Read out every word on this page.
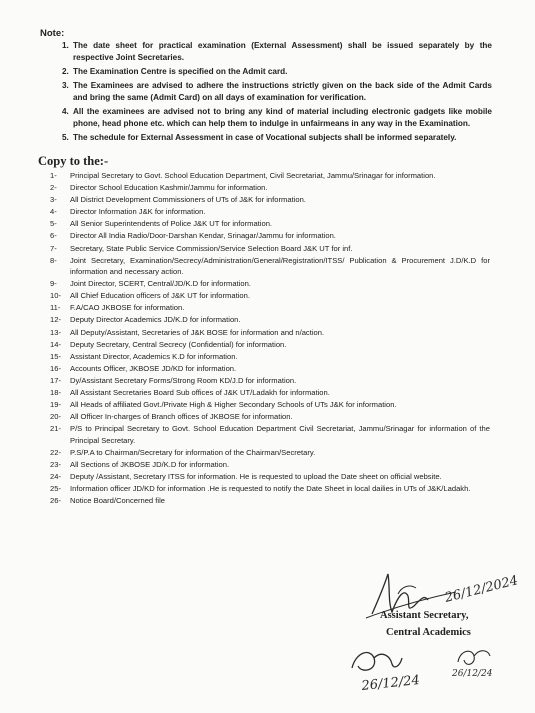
Note:
1. The date sheet for practical examination (External Assessment) shall be issued separately by the respective Joint Secretaries.
2. The Examination Centre is specified on the Admit card.
3. The Examinees are advised to adhere the instructions strictly given on the back side of the Admit Cards and bring the same (Admit Card) on all days of examination for verification.
4. All the examinees are advised not to bring any kind of material including electronic gadgets like mobile phone, head phone etc. which can help them to indulge in unfairmeans in any way in the Examination.
5. The schedule for External Assessment in case of Vocational subjects shall be informed separately.
Copy to the:-
1-	Principal Secretary to Govt. School Education Department, Civil Secretariat, Jammu/Srinagar for information.
2-	Director School Education Kashmir/Jammu for information.
3-	All District Development Commissioners of UTs of J&K for information.
4-	Director Information J&K for information.
5-	All Senior Superintendents of Police J&K UT for information.
6-	Director All India Radio/Door-Darshan Kendar, Srinagar/Jammu for information.
7-	Secretary, State Public Service Commission/Service Selection Board J&K UT for inf.
8-	Joint Secretary, Examination/Secrecy/Administration/General/Registration/ITSS/ Publication & Procurement J.D/K.D for information and necessary action.
9-	Joint Director, SCERT, Central/JD/K.D for information.
10-	All Chief Education officers of J&K UT for information.
11-	F.A/CAO JKBOSE for information.
12-	Deputy Director Academics JD/K.D for information.
13-	All Deputy/Assistant, Secretaries of J&K BOSE for information and n/action.
14-	Deputy Secretary, Central Secrecy (Confidential) for information.
15-	Assistant Director, Academics K.D for information.
16-	Accounts Officer, JKBOSE JD/KD for information.
17-	Dy/Assistant Secretary Forms/Strong Room KD/J.D for information.
18-	All Assistant Secretaries Board Sub offices of J&K UT/Ladakh for information.
19-	All Heads of affiliated Govt./Private High & Higher Secondary Schools of UTs J&K for information.
20-	All Officer In-charges of Branch offices of JKBOSE for information.
21-	P/S to Principal Secretary to Govt. School Education Department Civil Secretariat, Jammu/Srinagar for information of the Principal Secretary.
22-	P.S/P.A to Chairman/Secretary for information of the Chairman/Secretary.
23-	All Sections of JKBOSE JD/K.D for information.
24-	Deputy /Assistant, Secretary ITSS for information. He is requested to upload the Date sheet on official website.
25-	Information officer JD/KD for information .He is requested to notify the Date Sheet in local dailies in UTs of J&K/Ladakh.
26-	Notice Board/Concerned file
26/12/2024
Assistant Secretary,
Central Academics
26/12/24	26/12/24
